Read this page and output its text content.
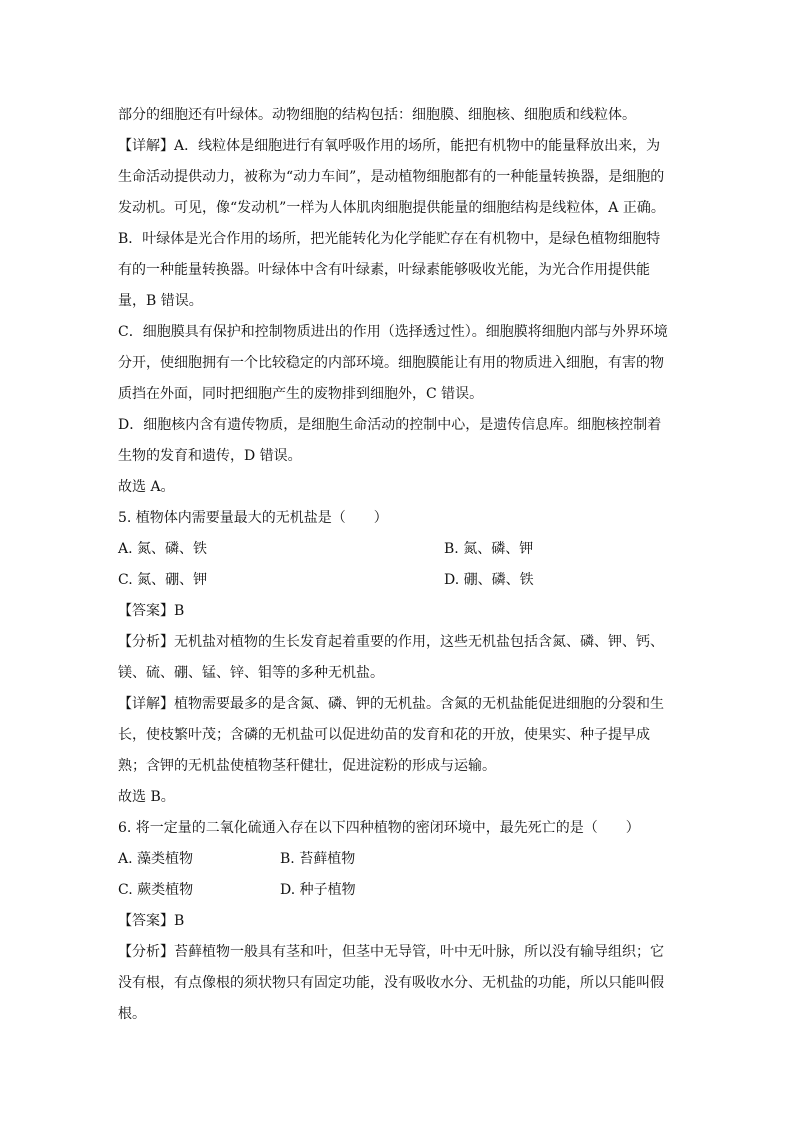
部分的细胞还有叶绿体。动物细胞的结构包括：细胞膜、细胞核、细胞质和线粒体。
【详解】A．线粒体是细胞进行有氧呼吸作用的场所，能把有机物中的能量释放出来，为
生命活动提供动力，被称为“动力车间”，是动植物细胞都有的一种能量转换器，是细胞的
发动机。可见，像“发动机”一样为人体肌肉细胞提供能量的细胞结构是线粒体，A 正确。
B．叶绿体是光合作用的场所，把光能转化为化学能贮存在有机物中，是绿色植物细胞特
有的一种能量转换器。叶绿体中含有叶绿素，叶绿素能够吸收光能，为光合作用提供能
量，B 错误。
C．细胞膜具有保护和控制物质进出的作用（选择透过性）。细胞膜将细胞内部与外界环境
分开，使细胞拥有一个比较稳定的内部环境。细胞膜能让有用的物质进入细胞，有害的物
质挡在外面，同时把细胞产生的废物排到细胞外，C 错误。
D．细胞核内含有遗传物质，是细胞生命活动的控制中心，是遗传信息库。细胞核控制着
生物的发育和遗传，D 错误。
故选 A。
5. 植物体内需要量最大的无机盐是（　　）
A. 氮、磷、铁	B. 氮、磷、钾
C. 氮、硼、钾	D. 硼、磷、铁
【答案】B
【分析】无机盐对植物的生长发育起着重要的作用，这些无机盐包括含氮、磷、钾、钙、
镁、硫、硼、锰、锌、钼等的多种无机盐。
【详解】植物需要最多的是含氮、磷、钾的无机盐。含氮的无机盐能促进细胞的分裂和生
长，使枝繁叶茂；含磷的无机盐可以促进幼苗的发育和花的开放，使果实、种子提早成
熟；含钾的无机盐使植物茎秆健壮，促进淀粉的形成与运输。
故选 B。
6. 将一定量的二氧化硫通入存在以下四种植物的密闭环境中，最先死亡的是（　　）
A. 藻类植物	B. 苔藓植物
C. 蕨类植物	D. 种子植物
【答案】B
【分析】苔藓植物一般具有茎和叶，但茎中无导管，叶中无叶脉，所以没有输导组织；它
没有根，有点像根的须状物只有固定功能，没有吸收水分、无机盐的功能，所以只能叫假
根。
